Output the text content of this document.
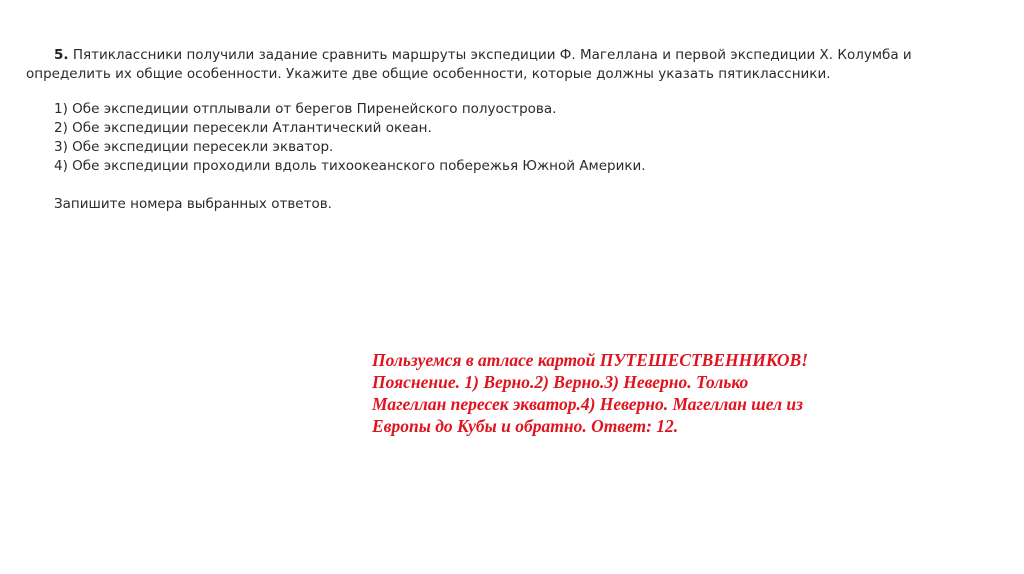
5. Пятиклассники получили задание сравнить маршруты экспедиции Ф. Магеллана и первой экспедиции Х. Колумба и определить их общие особенности. Укажите две общие особенности, которые должны указать пятиклассники.

1) Обе экспедиции отплывали от берегов Пиренейского полуострова.
2) Обе экспедиции пересекли Атлантический океан.
3) Обе экспедиции пересекли экватор.
4) Обе экспедиции проходили вдоль тихоокеанского побережья Южной Америки.

Запишите номера выбранных ответов.

Пользуемся в атласе картой ПУТЕШЕСТВЕННИКОВ!
Пояснение. 1) Верно.2) Верно.3) Неверно. Только
Магеллан пересек экватор.4) Неверно. Магеллан шел из
Европы до Кубы и обратно. Ответ: 12.
